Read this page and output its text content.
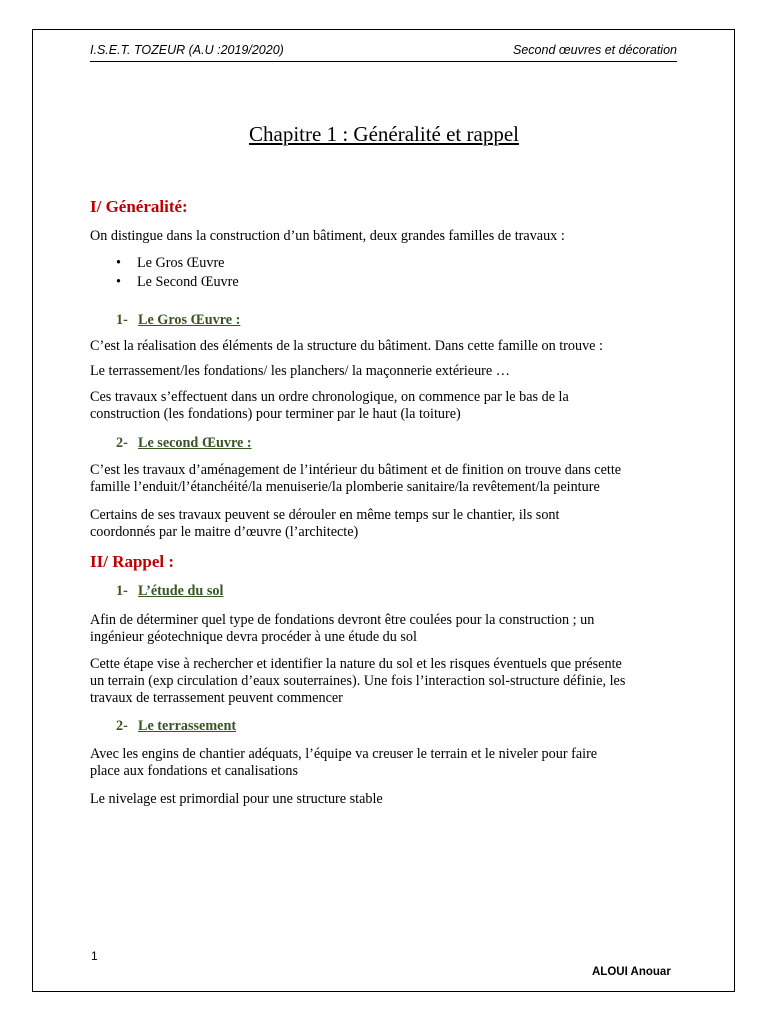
I.S.E.T. TOZEUR (A.U :2019/2020)	Second œuvres et décoration
Chapitre 1 : Généralité et rappel
I/ Généralité:
On distingue dans la construction d’un bâtiment, deux grandes familles de travaux :
• Le Gros Œuvre
• Le Second Œuvre
1- Le Gros Œuvre :
C’est la réalisation des éléments de la structure du bâtiment. Dans cette famille on trouve :
Le terrassement/les fondations/ les planchers/ la maçonnerie extérieure …
Ces travaux s’effectuent dans un ordre chronologique, on commence par le bas de la
construction (les fondations) pour terminer par le haut (la toiture)
2- Le second Œuvre :
C’est les travaux d’aménagement de l’intérieur du bâtiment et de finition on trouve dans cette
famille l’enduit/l’étanchéité/la menuiserie/la plomberie sanitaire/la revêtement/la peinture
Certains de ses travaux peuvent se dérouler en même temps sur le chantier, ils sont
coordonnés par le maitre d’œuvre (l’architecte)
II/ Rappel :
1- L’étude du sol
Afin de déterminer quel type de fondations devront être coulées pour la construction ; un
ingénieur géotechnique devra procéder à une étude du sol
Cette étape vise à rechercher et identifier la nature du sol et les risques éventuels que présente
un terrain (exp circulation d’eaux souterraines). Une fois l’interaction sol-structure définie, les
travaux de terrassement peuvent commencer
2- Le terrassement
Avec les engins de chantier adéquats, l’équipe va creuser le terrain et le niveler pour faire
place aux fondations et canalisations
Le nivelage est primordial pour une structure stable
1
ALOUI Anouar
